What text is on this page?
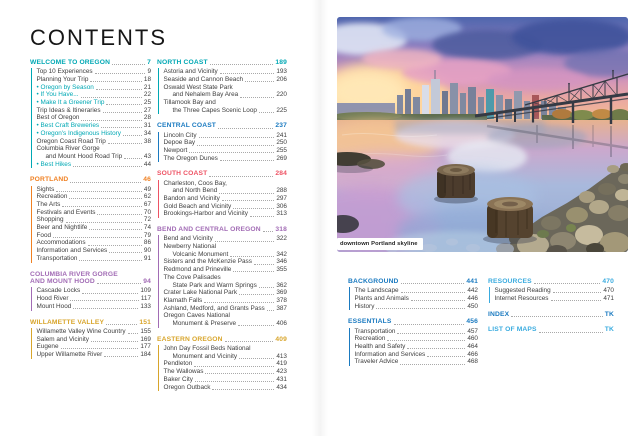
CONTENTS
WELCOME TO OREGON	7
Top 10 Experiences	9
Planning Your Trip	18
• Oregon by Season	21
• If You Have...	22
• Make It a Greener Trip	25
Trip Ideas & Itineraries	27
Best of Oregon	28
• Best Craft Breweries	31
• Oregon's Indigenous History	34
Oregon Coast Road Trip	38
Columbia River Gorge
and Mount Hood Road Trip	43
• Best Hikes	44
PORTLAND	46
Sights	49
Recreation	62
The Arts	67
Festivals and Events	70
Shopping	72
Beer and Nightlife	74
Food	79
Accommodations	86
Information and Services	90
Transportation	91
COLUMBIA RIVER GORGE
AND MOUNT HOOD	94
Cascade Locks	109
Hood River	117
Mount Hood	133
WILLAMETTE VALLEY	151
Willamette Valley Wine Country 155
Salem and Vicinity	169
Eugene	177
Upper Willamette River	184
NORTH COAST	189
Astoria and Vicinity	193
Seaside and Cannon Beach	206
Oswald West State Park
and Nehalem Bay Area	220
Tillamook Bay and
the Three Capes Scenic Loop	225
CENTRAL COAST	237
Lincoln City	241
Depoe Bay	250
Newport	255
The Oregon Dunes	269
SOUTH COAST	284
Charleston, Coos Bay,
and North Bend	288
Bandon and Vicinity	297
Gold Beach and Vicinity	306
Brookings-Harbor and Vicinity	313
BEND AND CENTRAL OREGON 318
Bend and Vicinity	322
Newberry National
Volcanic Monument	342
Sisters and the McKenzie Pass	346
Redmond and Prineville	355
The Cove Palisades
State Park and Warm Springs	362
Crater Lake National Park	369
Klamath Falls	378
Ashland, Medford, and Grants Pass 387
Oregon Caves National
Monument & Preserve	406
EASTERN OREGON	409
John Day Fossil Beds National
Monument and Vicinity	413
Pendleton	419
The Wallowas	423
Baker City	431
Oregon Outback	434
BACKGROUND	441
The Landscape	442
Plants and Animals	446
History	450
ESSENTIALS	456
Transportation	457
Recreation	460
Health and Safety	464
Information and Services	466
Traveler Advice	468
RESOURCES	470
Suggested Reading	470
Internet Resources	471
INDEX	TK
LIST OF MAPS	TK
downtown Portland skyline
